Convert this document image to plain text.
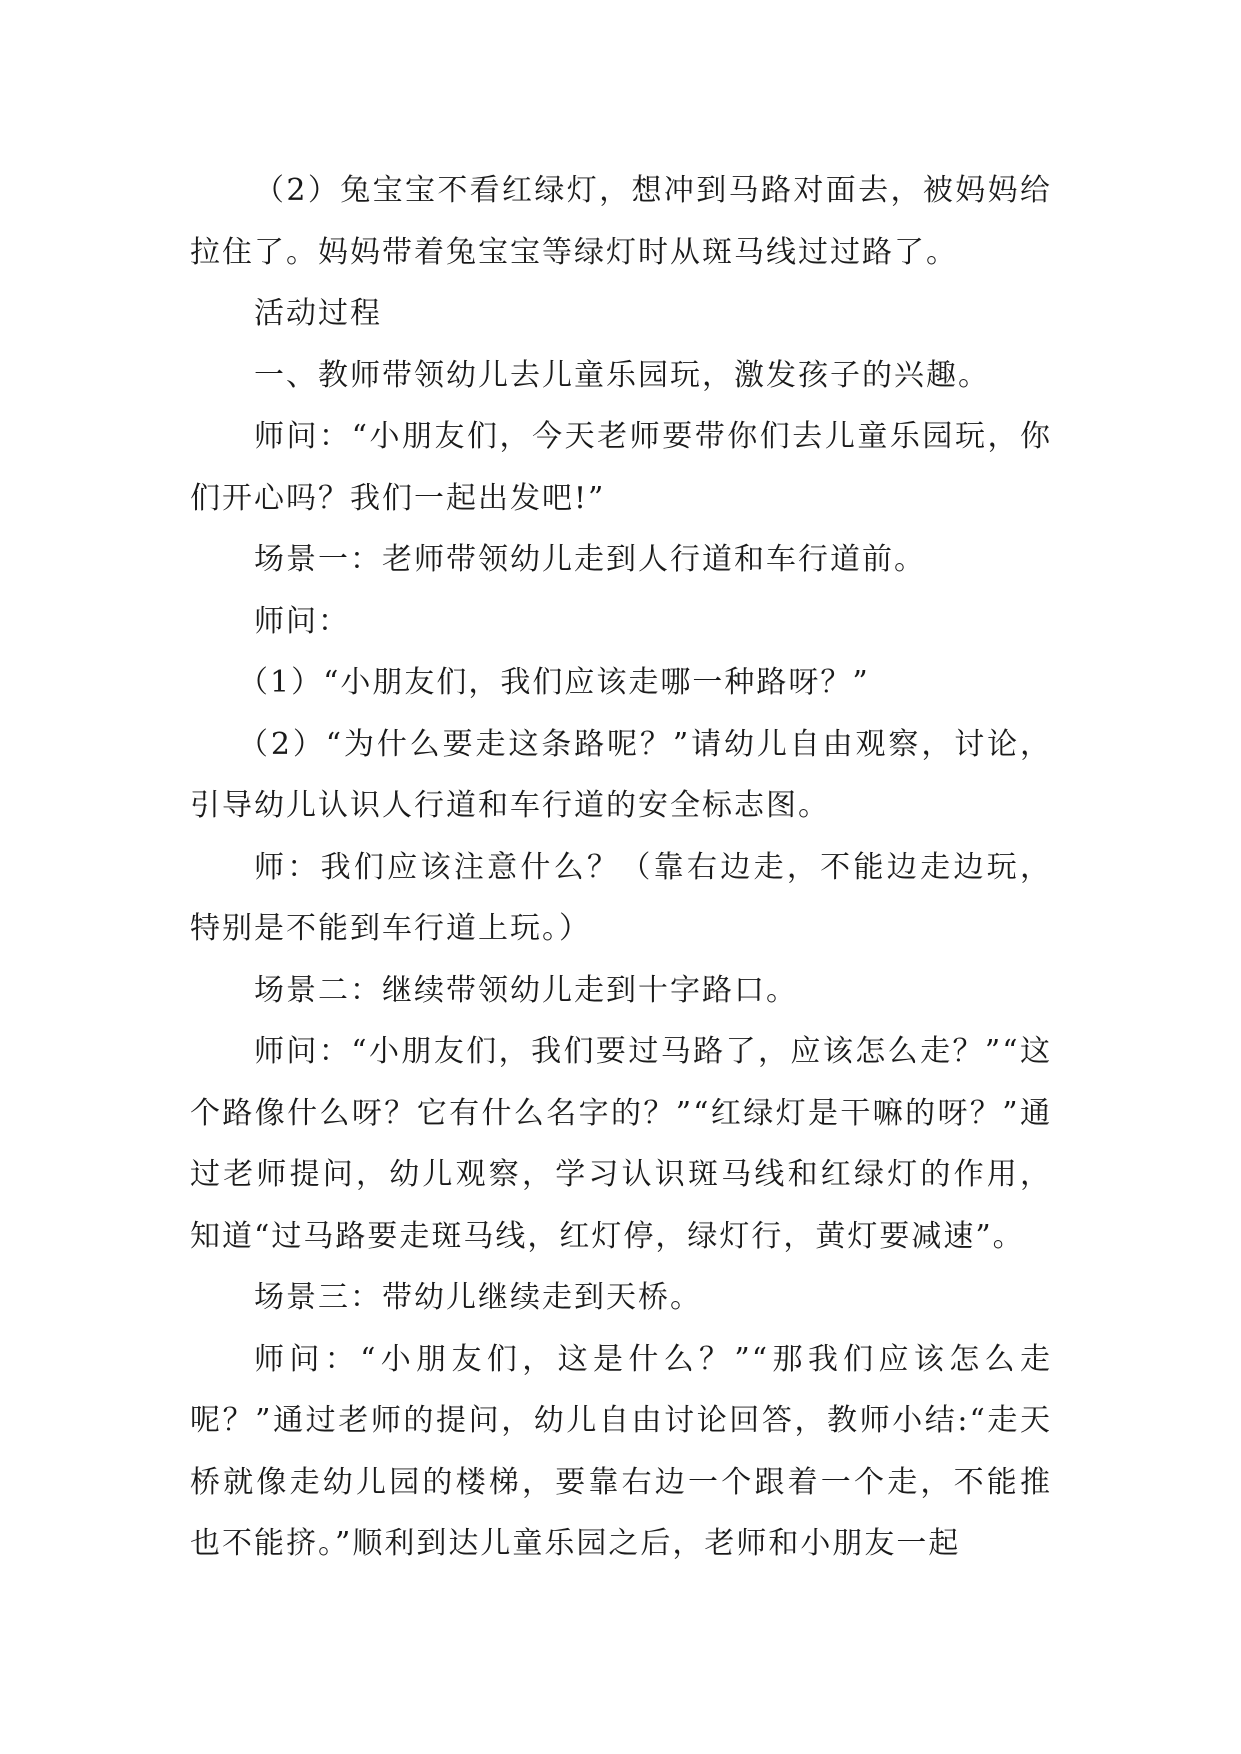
（2）兔宝宝不看红绿灯，想冲到马路对面去，被妈妈给拉住了。妈妈带着兔宝宝等绿灯时从斑马线过过路了。

活动过程

一、教师带领幼儿去儿童乐园玩，激发孩子的兴趣。

师问：“小朋友们，今天老师要带你们去儿童乐园玩，你们开心吗？我们一起出发吧!”

场景一：老师带领幼儿走到人行道和车行道前。

师问：

（1）“小朋友们，我们应该走哪一种路呀？”

（2）“为什么要走这条路呢？”请幼儿自由观察，讨论，引导幼儿认识人行道和车行道的安全标志图。

师：我们应该注意什么？（靠右边走，不能边走边玩，特别是不能到车行道上玩。）

场景二：继续带领幼儿走到十字路口。

师问：“小朋友们，我们要过马路了，应该怎么走？”“这个路像什么呀？它有什么名字的？”“红绿灯是干嘛的呀？”通过老师提问，幼儿观察，学习认识斑马线和红绿灯的作用，知道“过马路要走斑马线，红灯停，绿灯行，黄灯要减速”。

场景三：带幼儿继续走到天桥。

师问：“小朋友们，这是什么？”“那我们应该怎么走呢？”通过老师的提问，幼儿自由讨论回答，教师小结:“走天桥就像走幼儿园的楼梯，要靠右边一个跟着一个走，不能推也不能挤。”顺利到达儿童乐园之后，老师和小朋友一起
